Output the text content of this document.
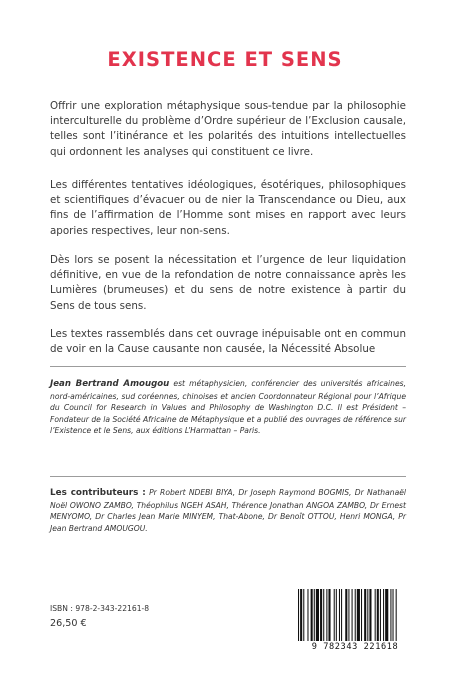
EXISTENCE ET SENS

Offrir une exploration métaphysique sous-tendue par la philosophie interculturelle du problème d’Ordre supérieur de l’Exclusion causale, telles sont l’itinérance et les polarités des intuitions intellectuelles qui ordonnent les analyses qui constituent ce livre.

Les différentes tentatives idéologiques, ésotériques, philosophiques et scientifiques d’évacuer ou de nier la Transcendance ou Dieu, aux fins de l’affirmation de l’Homme sont mises en rapport avec leurs apories respectives, leur non-sens.

Dès lors se posent la nécessitation et l’urgence de leur liquidation définitive, en vue de la refondation de notre connaissance après les Lumières (brumeuses) et du sens de notre existence à partir du Sens de tous sens.

Les textes rassemblés dans cet ouvrage inépuisable ont en commun de voir en la Cause causante non causée, la Nécessité Absolue

Jean Bertrand Amougou est métaphysicien, conférencier des universités africaines, nord-américaines, sud coréennes, chinoises et ancien Coordonnateur Régional pour l’Afrique du Council for Research in Values and Philosophy de Washington D.C. Il est Président – Fondateur de la Société Africaine de Métaphysique et a publié des ouvrages de référence sur l’Existence et le Sens, aux éditions L’Harmattan – Paris.

Les contributeurs : Pr Robert NDEBI BIYA, Dr Joseph Raymond BOGMIS, Dr Nathanaël Noël OWONO ZAMBO, Théophilus NGEH ASAH, Thérence Jonathan ANGOA ZAMBO, Dr Ernest MENYOMO, Dr Charles Jean Marie MINYEM, That-Abone, Dr Benoît OTTOU, Henri MONGA, Pr Jean Bertrand AMOUGOU.

ISBN : 978-2-343-22161-8
26,50 €
9 782343 221618
